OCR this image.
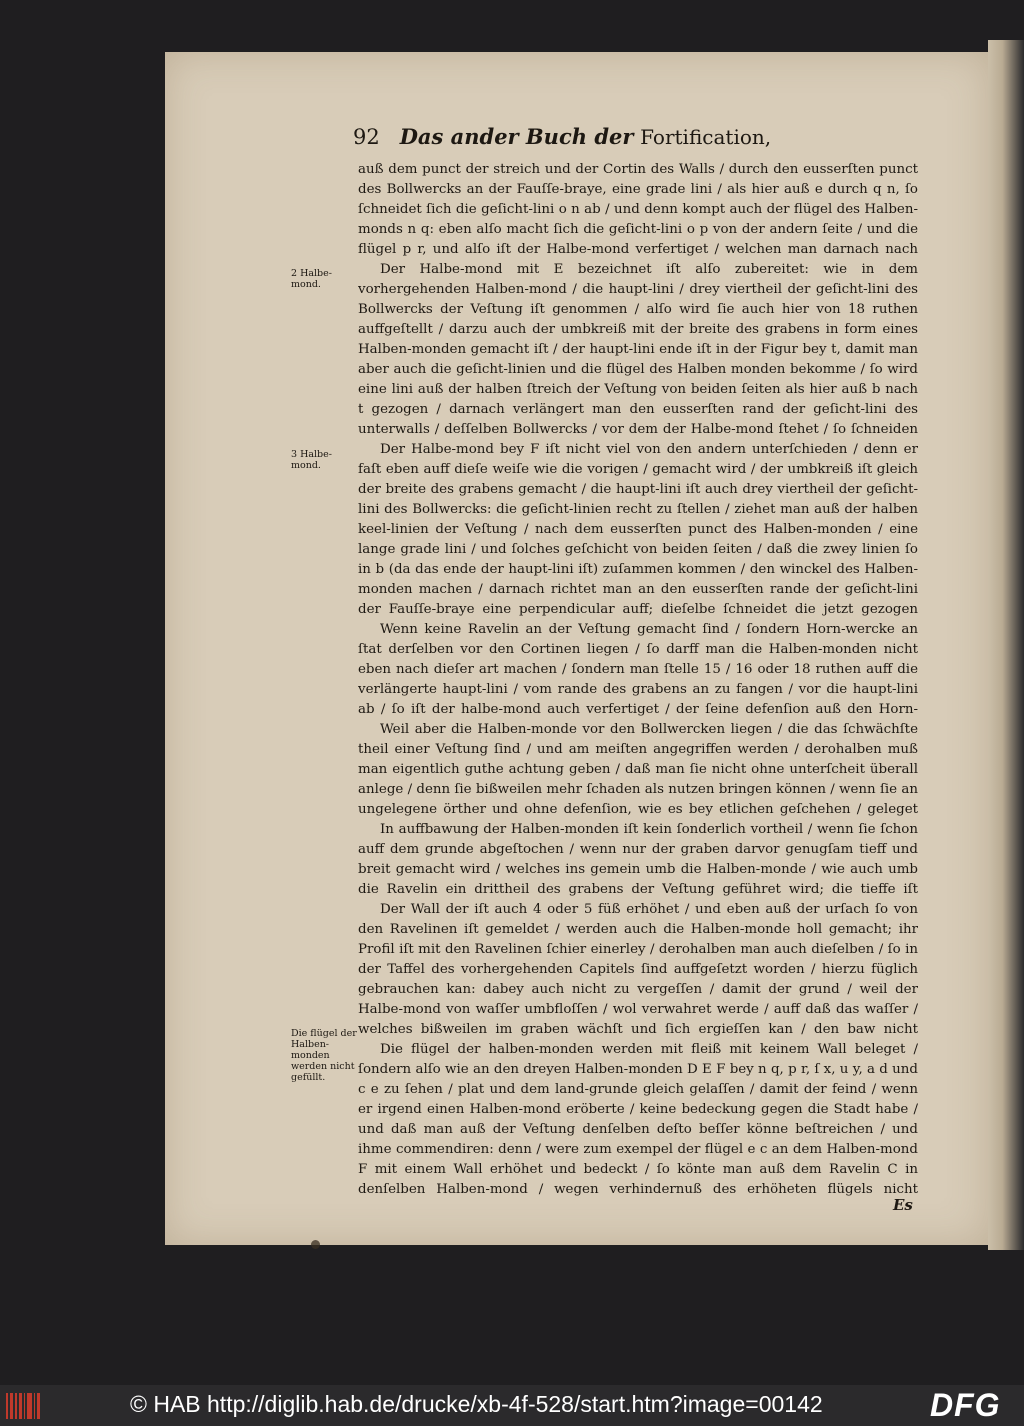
92 Das ander Buch der Fortification,
2 Halbe-mond.
3 Halbe-mond.
Die flügel der Halben-monden werden nicht gefüllt.

auß dem punct der streich und der Cortin des Walls / durch den eusserſten punct des Bollwercks an der Fauſſe-braye, eine grade lini / als hier auß e durch q n, ſo ſchneidet ſich die geſicht-lini o n ab / und denn kompt auch der flügel des Halben-monds n q: eben alſo macht ſich die geſicht-lini o p von der andern ſeite / und die flügel p r, und alſo iſt der Halbe-mond verfertiget / welchen man darnach nach

Der Halbe-mond mit E bezeichnet iſt alſo zubereitet: wie in dem vorhergehenden Halben-mond / die haupt-lini / drey viertheil der geſicht-lini des Bollwercks der Veſtung iſt genommen / alſo wird ſie auch hier von 18 ruthen auffgeſtellt / darzu auch der umbkreiß mit der breite des grabens in form eines Halben-monden gemacht iſt / der haupt-lini ende iſt in der Figur bey t, damit man aber auch die geſicht-linien und die flügel des Halben monden bekomme / ſo wird eine lini auß der halben ſtreich der Veſtung von beiden ſeiten als hier auß b nach t gezogen / darnach verlängert man den eusserſten rand der geſicht-lini des unterwalls / deſſelben Bollwercks / vor dem der Halbe-mond ſtehet / ſo ſchneiden

Der Halbe-mond bey F iſt nicht viel von den andern unterſchieden / denn er faſt eben auff dieſe weiſe wie die vorigen / gemacht wird / der umbkreiß iſt gleich der breite des grabens gemacht / die haupt-lini iſt auch drey viertheil der geſicht-lini des Bollwercks: die geſicht-linien recht zu ſtellen / ziehet man auß der halben keel-linien der Veſtung / nach dem eusserſten punct des Halben-monden / eine lange grade lini / und ſolches geſchicht von beiden ſeiten / daß die zwey linien ſo in b (da das ende der haupt-lini iſt) zuſammen kommen / den winckel des Halben-monden machen / darnach richtet man an den eusserſten rande der geſicht-lini der Fauſſe-braye eine perpendicular auff; dieſelbe ſchneidet die jetzt gezogen

Wenn keine Ravelin an der Veſtung gemacht ſind / ſondern Horn-wercke an ſtat derſelben vor den Cortinen liegen / ſo darff man die Halben-monden nicht eben nach dieſer art machen / ſondern man ſtelle 15 / 16 oder 18 ruthen auff die verlängerte haupt-lini / vom rande des grabens an zu fangen / vor die haupt-lini ab / ſo iſt der halbe-mond auch verfertiget / der ſeine defenſion auß den Horn-

Weil aber die Halben-monde vor den Bollwercken liegen / die das ſchwächſte theil einer Veſtung ſind / und am meiſten angegriffen werden / derohalben muß man eigentlich guthe achtung geben / daß man ſie nicht ohne unterſcheit überall anlege / denn ſie bißweilen mehr ſchaden als nutzen bringen können / wenn ſie an ungelegene örther und ohne defenſion, wie es bey etlichen geſchehen / geleget

In auffbawung der Halben-monden iſt kein ſonderlich vortheil / wenn ſie ſchon auff dem grunde abgeſtochen / wenn nur der graben darvor genugſam tieff und breit gemacht wird / welches ins gemein umb die Halben-monde / wie auch umb die Ravelin ein drittheil des grabens der Veſtung geführet wird; die tieffe iſt

Der Wall der iſt auch 4 oder 5 füß erhöhet / und eben auß der urſach ſo von den Ravelinen iſt gemeldet / werden auch die Halben-monde holl gemacht; ihr Profil iſt mit den Ravelinen ſchier einerley / derohalben man auch dieſelben / ſo in der Taffel des vorhergehenden Capitels ſind auffgeſetzt worden / hierzu füglich gebrauchen kan: dabey auch nicht zu vergeſſen / damit der grund / weil der Halbe-mond von waſſer umbfloſſen / wol verwahret werde / auff daß das waſſer / welches bißweilen im graben wächſt und ſich ergieſſen kan / den baw nicht

Die flügel der halben-monden werden mit fleiß mit keinem Wall beleget / ſondern alſo wie an den dreyen Halben-monden D E F bey n q, p r, ſ x, u y, a d und c e zu ſehen / plat und dem land-grunde gleich gelaſſen / damit der feind / wenn er irgend einen Halben-mond eröberte / keine bedeckung gegen die Stadt habe / und daß man auß der Veſtung denſelben deſto beſſer könne beſtreichen / und ihme commendiren: denn / were zum exempel der flügel e c an dem Halben-mond F mit einem Wall erhöhet und bedeckt / ſo könte man auß dem Ravelin C in denſelben Halben-mond / wegen verhindernuß des erhöheten flügels nicht

Es
© HAB http://diglib.hab.de/drucke/xb-4f-528/start.htm?image=00142	DFG
